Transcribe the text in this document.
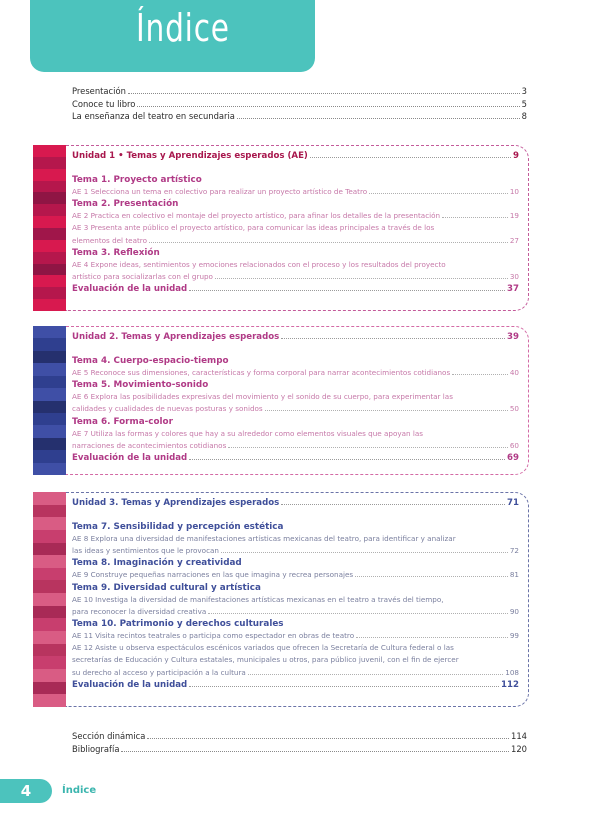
Índice
Presentación	3
Conoce tu libro	5
La enseñanza del teatro en secundaria	8
Unidad 1 • Temas y Aprendizajes esperados (AE)	9
Tema 1. Proyecto artístico
AE 1 Selecciona un tema en colectivo para realizar un proyecto artístico de Teatro	10
Tema 2. Presentación
AE 2 Practica en colectivo el montaje del proyecto artístico, para afinar los detalles de la presentación	19
AE 3 Presenta ante público el proyecto artístico, para comunicar las ideas principales a través de los
elementos del teatro	27
Tema 3. Reflexión
AE 4 Expone ideas, sentimientos y emociones relacionados con el proceso y los resultados del proyecto
artístico para socializarlas con el grupo	30
Evaluación de la unidad	37
Unidad 2. Temas y Aprendizajes esperados	39
Tema 4. Cuerpo-espacio-tiempo
AE 5 Reconoce sus dimensiones, características y forma corporal para narrar acontecimientos cotidianos	40
Tema 5. Movimiento-sonido
AE 6 Explora las posibilidades expresivas del movimiento y el sonido de su cuerpo, para experimentar las
calidades y cualidades de nuevas posturas y sonidos	50
Tema 6. Forma-color
AE 7 Utiliza las formas y colores que hay a su alrededor como elementos visuales que apoyan las
narraciones de acontecimientos cotidianos	60
Evaluación de la unidad	69
Unidad 3. Temas y Aprendizajes esperados	71
Tema 7. Sensibilidad y percepción estética
AE 8 Explora una diversidad de manifestaciones artísticas mexicanas del teatro, para identificar y analizar
las ideas y sentimientos que le provocan	72
Tema 8. Imaginación y creatividad
AE 9 Construye pequeñas narraciones en las que imagina y recrea personajes	81
Tema 9. Diversidad cultural y artística
AE 10 Investiga la diversidad de manifestaciones artísticas mexicanas en el teatro a través del tiempo,
para reconocer la diversidad creativa	90
Tema 10. Patrimonio y derechos culturales
AE 11 Visita recintos teatrales o participa como espectador en obras de teatro	99
AE 12 Asiste u observa espectáculos escénicos variados que ofrecen la Secretaría de Cultura federal o las
secretarías de Educación y Cultura estatales, municipales u otros, para público juvenil, con el fin de ejercer
su derecho al acceso y participación a la cultura	108
Evaluación de la unidad	112
Sección dinámica	114
Bibliografía	120
4	Índice
